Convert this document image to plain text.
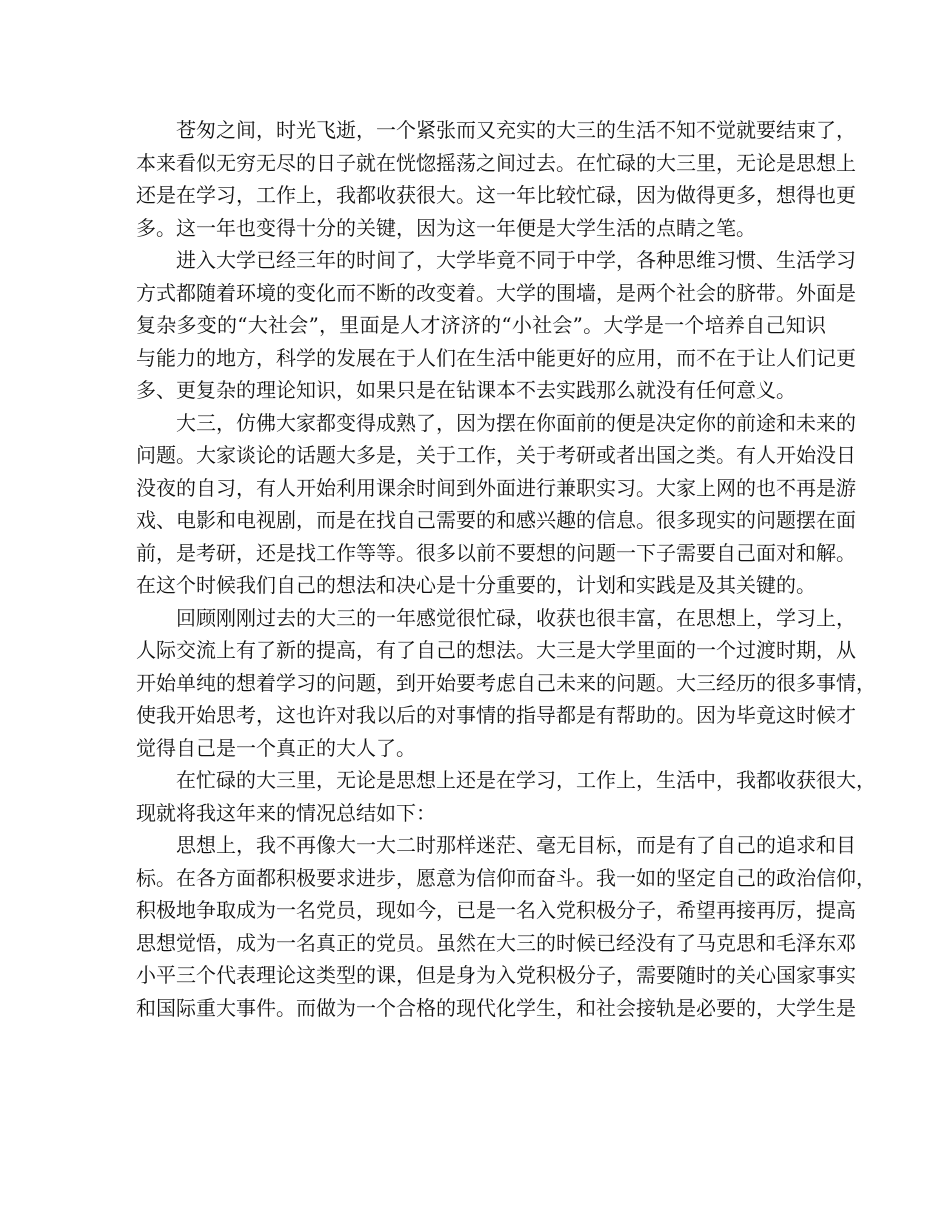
苍匆之间，时光飞逝，一个紧张而又充实的大三的生活不知不觉就要结束了，
本来看似无穷无尽的日子就在恍惚摇荡之间过去。在忙碌的大三里，无论是思想上
还是在学习，工作上，我都收获很大。这一年比较忙碌，因为做得更多，想得也更
多。这一年也变得十分的关键，因为这一年便是大学生活的点睛之笔。
进入大学已经三年的时间了，大学毕竟不同于中学，各种思维习惯、生活学习
方式都随着环境的变化而不断的改变着。大学的围墙，是两个社会的脐带。外面是
复杂多变的“大社会”，里面是人才济济的“小社会”。大学是一个培养自己知识
与能力的地方，科学的发展在于人们在生活中能更好的应用，而不在于让人们记更
多、更复杂的理论知识，如果只是在钻课本不去实践那么就没有任何意义。
大三，仿佛大家都变得成熟了，因为摆在你面前的便是决定你的前途和未来的
问题。大家谈论的话题大多是，关于工作，关于考研或者出国之类。有人开始没日
没夜的自习，有人开始利用课余时间到外面进行兼职实习。大家上网的也不再是游
戏、电影和电视剧，而是在找自己需要的和感兴趣的信息。很多现实的问题摆在面
前，是考研，还是找工作等等。很多以前不要想的问题一下子需要自己面对和解。
在这个时候我们自己的想法和决心是十分重要的，计划和实践是及其关键的。
回顾刚刚过去的大三的一年感觉很忙碌，收获也很丰富，在思想上，学习上，
人际交流上有了新的提高，有了自己的想法。大三是大学里面的一个过渡时期，从
开始单纯的想着学习的问题，到开始要考虑自己未来的问题。大三经历的很多事情，
使我开始思考，这也许对我以后的对事情的指导都是有帮助的。因为毕竟这时候才
觉得自己是一个真正的大人了。
在忙碌的大三里，无论是思想上还是在学习，工作上，生活中，我都收获很大，
现就将我这年来的情况总结如下：
思想上，我不再像大一大二时那样迷茫、毫无目标，而是有了自己的追求和目
标。在各方面都积极要求进步，愿意为信仰而奋斗。我一如的坚定自己的政治信仰，
积极地争取成为一名党员，现如今，已是一名入党积极分子，希望再接再厉，提高
思想觉悟，成为一名真正的党员。虽然在大三的时候已经没有了马克思和毛泽东邓
小平三个代表理论这类型的课，但是身为入党积极分子，需要随时的关心国家事实
和国际重大事件。而做为一个合格的现代化学生，和社会接轨是必要的，大学生是
